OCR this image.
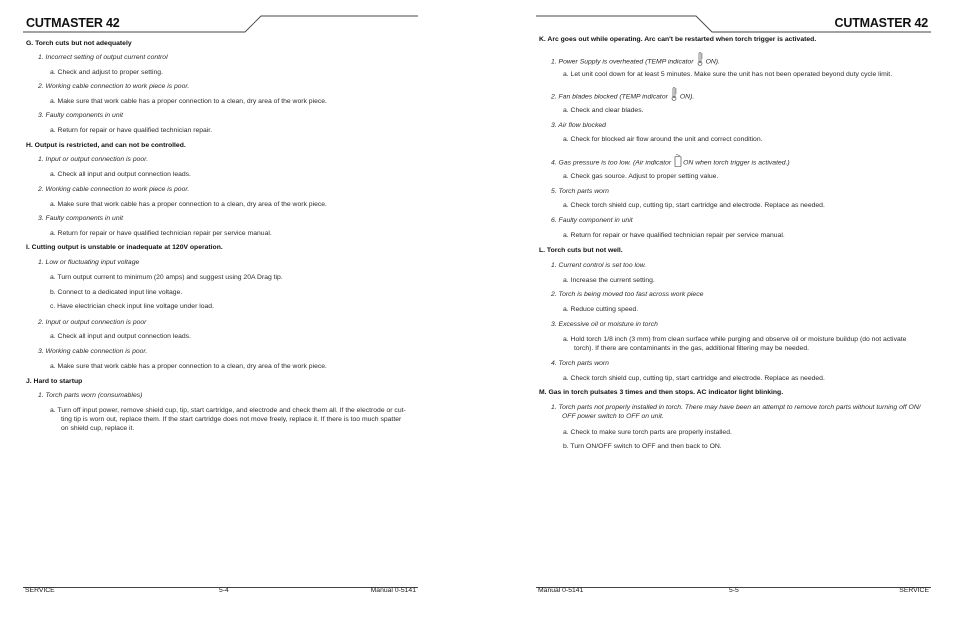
CUTMASTER 42
G. Torch cuts but not adequately
1. Incorrect setting of output current control
a. Check and adjust to proper setting.
2. Working cable connection to work piece is poor.
a. Make sure that work cable has a proper connection to a clean, dry area of the work piece.
3. Faulty components in unit
a. Return for repair or have qualified technician repair.
H. Output is restricted, and can not be controlled.
1. Input or output connection is poor.
a. Check all input and output connection leads.
2. Working cable connection to work piece is poor.
a. Make sure that work cable has a proper connection to a clean, dry area of the work piece.
3. Faulty components in unit
a. Return for repair or have qualified technician repair per service manual.
I. Cutting output is unstable or inadequate at 120V operation.
1. Low or fluctuating input voltage
a. Turn output current to minimum (20 amps) and suggest using 20A Drag tip.
b. Connect to a dedicated input line voltage.
c. Have electrician check input line voltage under load.
2. Input or output connection is poor
a. Check all input and output connection leads.
3. Working cable connection is poor.
a. Make sure that work cable has a proper connection to a clean, dry area of the work piece.
J. Hard to startup
1. Torch parts worn (consumables)
a. Turn off input power, remove shield cup, tip, start cartridge, and electrode and check them all. If the electrode or cut-
ting tip is worn out, replace them. If the start cartridge does not move freely, replace it. If there is too much spatter
on shield cup, replace it.
SERVICE	5-4	Manual 0-5141
CUTMASTER 42
K. Arc goes out while operating. Arc can't be restarted when torch trigger is activated.
1. Power Supply is overheated (TEMP indicator ON).
a. Let unit cool down for at least 5 minutes. Make sure the unit has not been operated beyond duty cycle limit.
2. Fan blades blocked (TEMP indicator ON).
a. Check and clear blades.
3. Air flow blocked
a. Check for blocked air flow around the unit and correct condition.
4. Gas pressure is too low. (Air indicator ON when torch trigger is activated.)
a. Check gas source. Adjust to proper setting value.
5. Torch parts worn
a. Check torch shield cup, cutting tip, start cartridge and electrode. Replace as needed.
6. Faulty component in unit
a. Return for repair or have qualified technician repair per service manual.
L. Torch cuts but not well.
1. Current control is set too low.
a. Increase the current setting.
2. Torch is being moved too fast across work piece
a. Reduce cutting speed.
3. Excessive oil or moisture in torch
a. Hold torch 1/8 inch (3 mm) from clean surface while purging and observe oil or moisture buildup (do not activate
torch). If there are contaminants in the gas, additional filtering may be needed.
4. Torch parts worn
a. Check torch shield cup, cutting tip, start cartridge and electrode. Replace as needed.
M. Gas in torch pulsates 3 times and then stops. AC indicator light blinking.
1. Torch parts not properly installed in torch. There may have been an attempt to remove torch parts without turning off ON/
OFF power switch to OFF on unit.
a. Check to make sure torch parts are properly installed.
b. Turn ON/OFF switch to OFF and then back to ON.
Manual 0-5141	5-5	SERVICE
